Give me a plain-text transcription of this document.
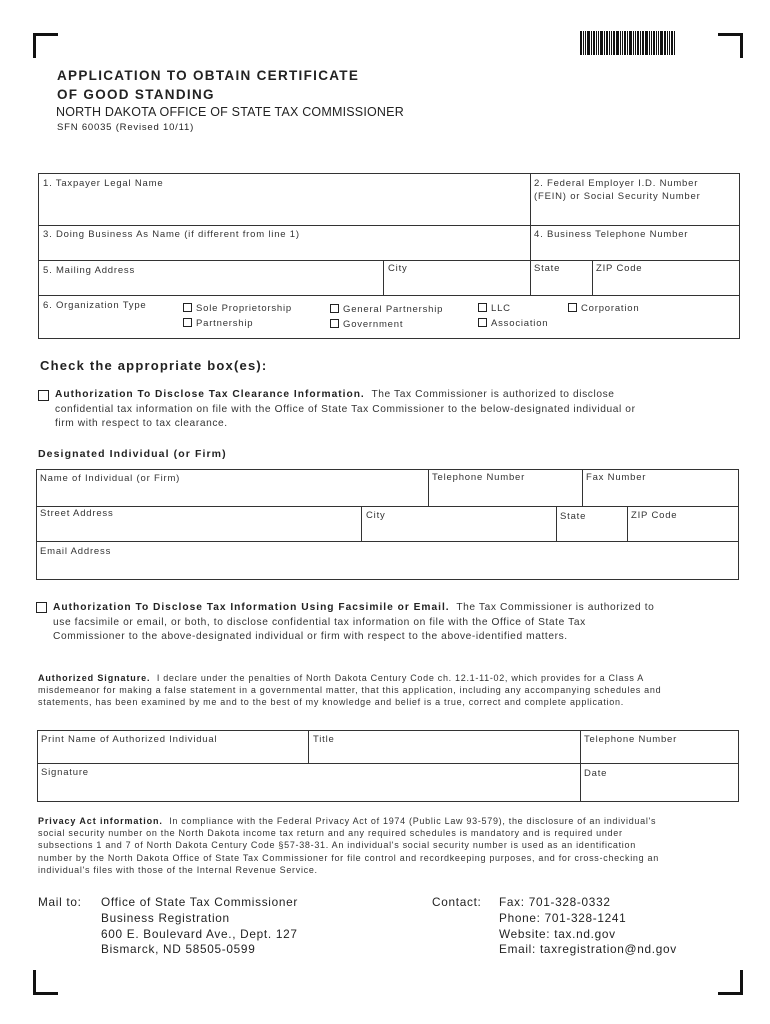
APPLICATION TO OBTAIN CERTIFICATE
OF GOOD STANDING
NORTH DAKOTA OFFICE OF STATE TAX COMMISSIONER
SFN 60035 (Revised 10/11)
1. Taxpayer Legal Name	2. Federal Employer I.D. Number
(FEIN) or Social Security Number
3. Doing Business As Name (if different from line 1)	4. Business Telephone Number
5. Mailing Address	City	State	ZIP Code
6. Organization Type	Sole Proprietorship
Partnership
General Partnership
Government
LLC
Association
Corporation
Check the appropriate box(es):
Authorization To Disclose Tax Clearance Information. The Tax Commissioner is authorized to disclose
confidential tax information on file with the Office of State Tax Commissioner to the below-designated individual or
firm with respect to tax clearance.
Designated Individual (or Firm)
Name of Individual (or Firm)	Telephone Number	Fax Number
Street Address	City	State	ZIP Code
Email Address
Authorization To Disclose Tax Information Using Facsimile or Email. The Tax Commissioner is authorized to
use facsimile or email, or both, to disclose confidential tax information on file with the Office of State Tax
Commissioner to the above-designated individual or firm with respect to the above-identified matters.
Authorized Signature. I declare under the penalties of North Dakota Century Code ch. 12.1-11-02, which provides for a Class A
misdemeanor for making a false statement in a governmental matter, that this application, including any accompanying schedules and
statements, has been examined by me and to the best of my knowledge and belief is a true, correct and complete application.
Print Name of Authorized Individual	Title	Telephone Number
Signature	Date
Privacy Act information. In compliance with the Federal Privacy Act of 1974 (Public Law 93-579), the disclosure of an individual's
social security number on the North Dakota income tax return and any required schedules is mandatory and is required under
subsections 1 and 7 of North Dakota Century Code §57-38-31. An individual's social security number is used as an identification
number by the North Dakota Office of State Tax Commissioner for file control and recordkeeping purposes, and for cross-checking an
individual's files with those of the Internal Revenue Service.
Mail to: Office of State Tax Commissioner
Business Registration
600 E. Boulevard Ave., Dept. 127
Bismarck, ND 58505-0599
Contact: Fax: 701-328-0332
Phone: 701-328-1241
Website: tax.nd.gov
Email: taxregistration@nd.gov
